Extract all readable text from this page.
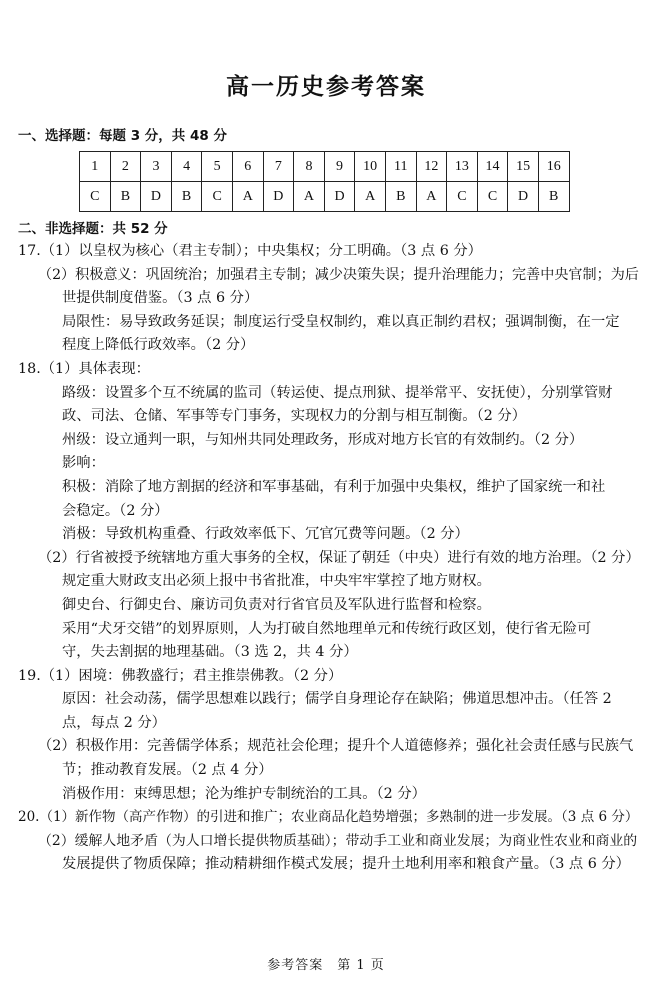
高一历史参考答案
一、选择题：每题 3 分，共 48 分
1	2	3	4	5	6	7	8	9	10	11	12	13	14	15	16
C	B	D	B	C	A	D	A	D	A	B	A	C	C	D	B
二、非选择题：共 52 分
17.（1）以皇权为核心（君主专制）；中央集权；分工明确。（3 点 6 分）
（2）积极意义：巩固统治；加强君主专制；减少决策失误；提升治理能力；完善中央官制；为后
世提供制度借鉴。（3 点 6 分）
局限性：易导致政务延误；制度运行受皇权制约，难以真正制约君权；强调制衡，在一定
程度上降低行政效率。（2 分）
18.（1）具体表现：
路级：设置多个互不统属的监司（转运使、提点刑狱、提举常平、安抚使），分别掌管财
政、司法、仓储、军事等专门事务，实现权力的分割与相互制衡。（2 分）
州级：设立通判一职，与知州共同处理政务，形成对地方长官的有效制约。（2 分）
影响：
积极：消除了地方割据的经济和军事基础，有利于加强中央集权，维护了国家统一和社
会稳定。（2 分）
消极：导致机构重叠、行政效率低下、冗官冗费等问题。（2 分）
（2）行省被授予统辖地方重大事务的全权，保证了朝廷（中央）进行有效的地方治理。（2 分）
规定重大财政支出必须上报中书省批准，中央牢牢掌控了地方财权。
御史台、行御史台、廉访司负责对行省官员及军队进行监督和检察。
采用“犬牙交错”的划界原则，人为打破自然地理单元和传统行政区划，使行省无险可
守，失去割据的地理基础。（3 选 2，共 4 分）
19.（1）困境：佛教盛行；君主推崇佛教。（2 分）
原因：社会动荡，儒学思想难以践行；儒学自身理论存在缺陷；佛道思想冲击。（任答 2
点，每点 2 分）
（2）积极作用：完善儒学体系；规范社会伦理；提升个人道德修养；强化社会责任感与民族气
节；推动教育发展。（2 点 4 分）
消极作用：束缚思想；沦为维护专制统治的工具。（2 分）
20.（1）新作物（高产作物）的引进和推广；农业商品化趋势增强；多熟制的进一步发展。（3 点 6 分）
（2）缓解人地矛盾（为人口增长提供物质基础）；带动手工业和商业发展；为商业性农业和商业的
发展提供了物质保障；推动精耕细作模式发展；提升土地利用率和粮食产量。（3 点 6 分）
参考答案　第 1 页
